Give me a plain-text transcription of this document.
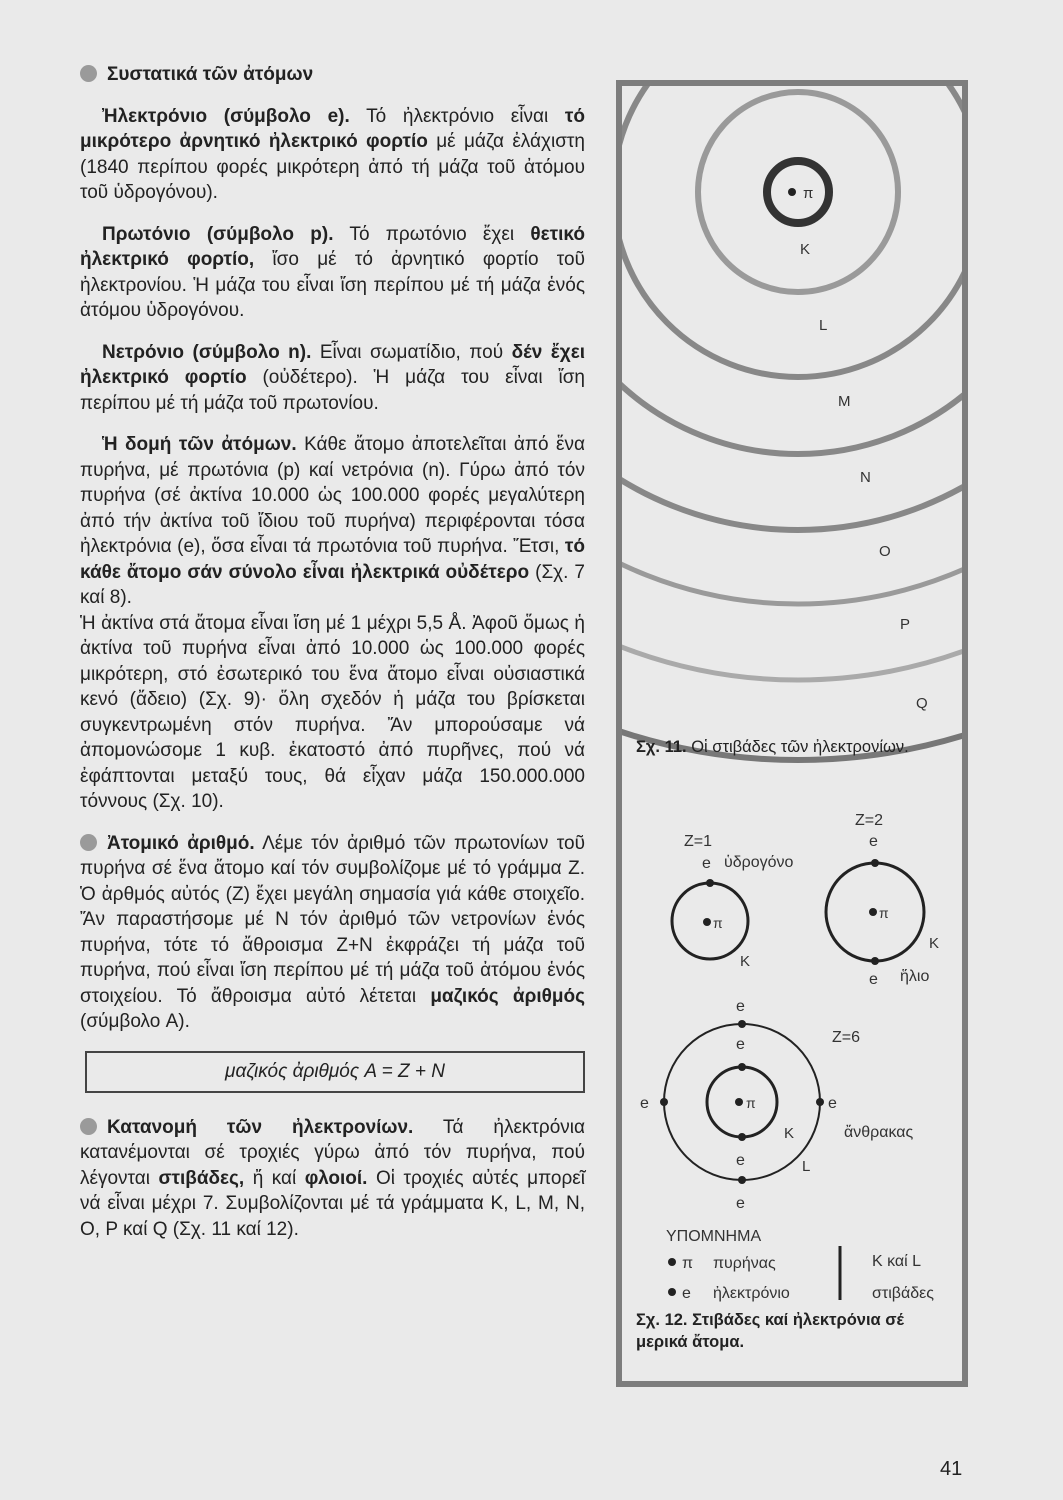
Συστατικά τῶν ἀτόμων

Ἠλεκτρόνιο (σύμβολο e). Τό ἠλεκτρόνιο εἶναι τό μικρότερο ἀρνητικό ἠλεκτρικό φορτίο μέ μάζα ἐλάχιστη (1840 περίπου φορές μικρότερη ἀπό τή μάζα τοῦ ἀτόμου τοῦ ὑδρογόνου).

Πρωτόνιο (σύμβολο p). Τό πρωτόνιο ἔχει θετικό ἠλεκτρικό φορτίο, ἴσο μέ τό ἀρνητικό φορτίο τοῦ ἠλεκτρονίου. Ἡ μάζα του εἶναι ἴση περίπου μέ τή μάζα ἑνός ἀτόμου ὑδρογόνου.

Νετρόνιο (σύμβολο n). Εἶναι σωματίδιο, πού δέν ἔχει ἠλεκτρικό φορτίο (οὐδέτερο). Ἡ μάζα του εἶναι ἴση περίπου μέ τή μάζα τοῦ πρωτονίου.

Ἡ δομή τῶν ἀτόμων. Κάθε ἄτομο ἀποτελεῖται ἀπό ἕνα πυρήνα, μέ πρωτόνια (p) καί νετρόνια (n). Γύρω ἀπό τόν πυρήνα (σέ ἀκτίνα 10.000 ὡς 100.000 φορές μεγαλύτερη ἀπό τήν ἀκτίνα τοῦ ἴδιου τοῦ πυρήνα) περιφέρονται τόσα ἠλεκτρόνια (e), ὅσα εἶναι τά πρωτόνια τοῦ πυρήνα. Ἔτσι, τό κάθε ἄτομο σάν σύνολο εἶναι ἠλεκτρικά οὐδέτερο (Σχ. 7 καί 8).

Ἡ ἀκτίνα στά ἄτομα εἶναι ἴση μέ 1 μέχρι 5,5 Å. Ἀφοῦ ὅμως ἡ ἀκτίνα τοῦ πυρήνα εἶναι ἀπό 10.000 ὡς 100.000 φορές μικρότερη, στό ἐσωτερικό του ἕνα ἄτομο εἶναι οὐσιαστικά κενό (ἄδειο) (Σχ. 9)· ὅλη σχεδόν ἡ μάζα του βρίσκεται συγκεντρωμένη στόν πυρήνα. Ἄν μπορούσαμε νά ἀπομονώσομε 1 κυβ. ἑκατοστό ἀπό πυρῆνες, πού νά ἐφάπτονται μεταξύ τους, θά εἶχαν μάζα 150.000.000 τόννους (Σχ. 10).

Ἀτομικό ἀριθμό. Λέμε τόν ἀριθμό τῶν πρωτονίων τοῦ πυρήνα σέ ἕνα ἄτομο καί τόν συμβολίζομε μέ τό γράμμα Z. Ὁ ἀρθμός αὐτός (Z) ἔχει μεγάλη σημασία γιά κάθε στοιχεῖο. Ἄν παραστήσομε μέ N τόν ἀριθμό τῶν νετρονίων ἑνός πυρήνα, τότε τό ἄθροισμα Z+N ἐκφράζει τή μάζα τοῦ πυρήνα, πού εἶναι ἴση περίπου μέ τή μάζα τοῦ ἀτόμου ἑνός στοιχείου. Τό ἄθροισμα αὐτό λέτεται μαζικός ἀριθμός (σύμβολο A).

μαζικός ἀριθμός A = Z + N

Κατανομή τῶν ἠλεκτρονίων. Τά ἠλεκτρόνια κατανέμονται σέ τροχιές γύρω ἀπό τόν πυρήνα, πού λέγονται στιβάδες, ἤ καί φλοιοί. Οἱ τροχιές αὐτές μπορεῖ νά εἶναι μέχρι 7. Συμβολίζονται μέ τά γράμματα K, L, M, N, O, P καί Q (Σχ. 11 καί 12).

π
K
L
M
N
O
P
Q
Z=1
e ὑδρογόνο
π
K
Z=2
e
π
K
e ἥλιο
e
Z=6
e
π
e	e
ἄνθρακας
K
e	L
e
ΥΠΟΜΝΗΜΑ
π πυρήνας	K καί L
e ἠλεκτρόνιο	στιβάδες
Σχ. 11. Οἱ στιβάδες τῶν ἠλεκτρονίων.
Σχ. 12. Στιβάδες καί ἠλεκτρόνια σέ μερικά ἄτομα.
41
